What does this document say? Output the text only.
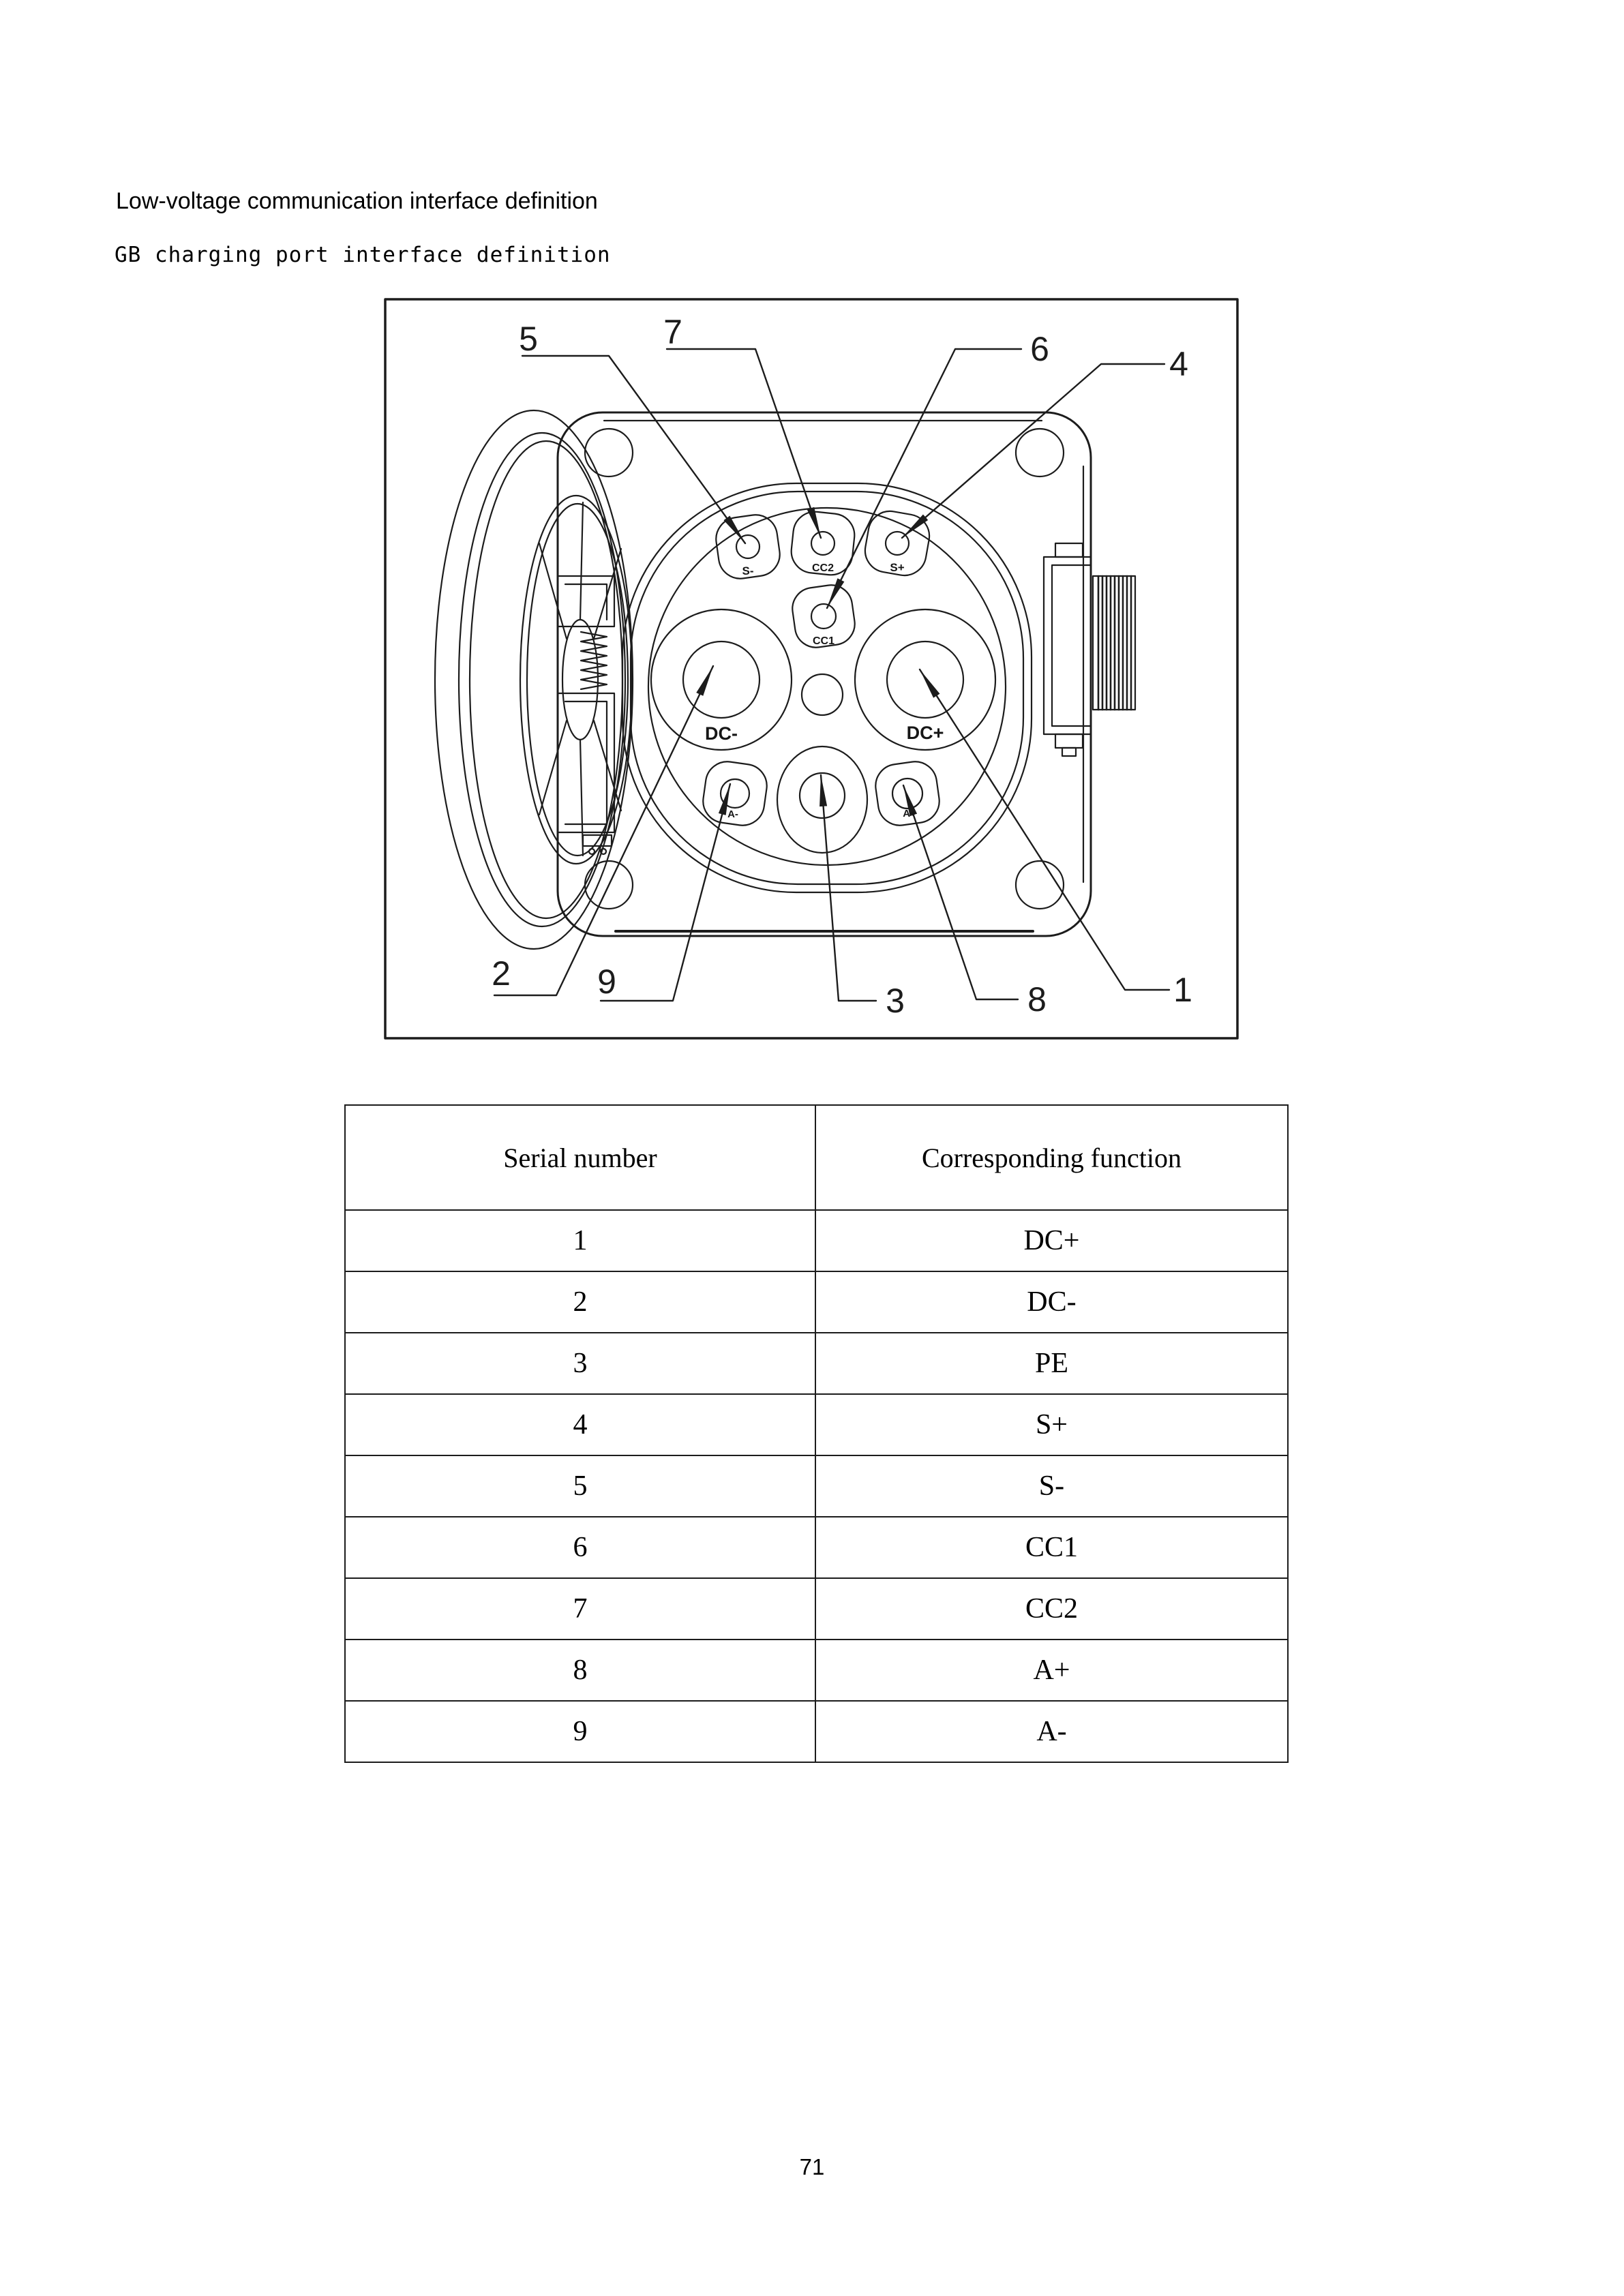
Low-voltage communication interface definition
GB charging port interface definition
S-	CC2	S+
CC1
DC-	DC+
A-	A+
5	7	6	4
2	9	3	8	1
Serial number	Corresponding function
1	DC+
2	DC-
3	PE
4	S+
5	S-
6	CC1
7	CC2
8	A+
9	A-
71
